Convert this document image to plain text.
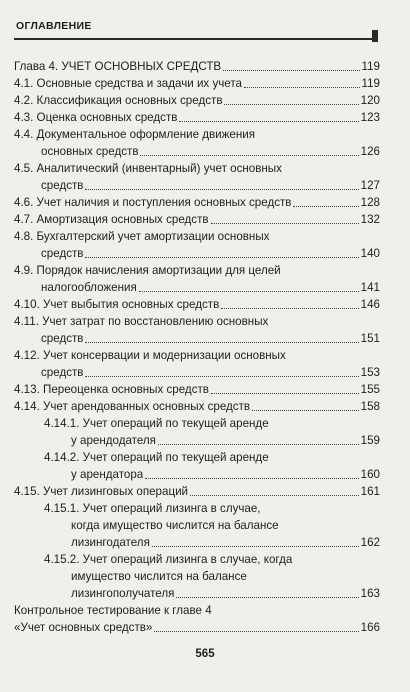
ОГЛАВЛЕНИЕ
Глава 4. УЧЕТ ОСНОВНЫХ СРЕДСТВ	119
4.1. Основные средства и задачи их учета	119
4.2. Классификация основных средств	120
4.3. Оценка основных средств	123
4.4. Документальное оформление движения
основных средств	126
4.5. Аналитический (инвентарный) учет основных
средств	127
4.6. Учет наличия и поступления основных средств	128
4.7. Амортизация основных средств	132
4.8. Бухгалтерский учет амортизации основных
средств	140
4.9. Порядок начисления амортизации для целей
налогообложения	141
4.10. Учет выбытия основных средств	146
4.11. Учет затрат по восстановлению основных
средств	151
4.12. Учет консервации и модернизации основных
средств	153
4.13. Переоценка основных средств	155
4.14. Учет арендованных основных средств	158
4.14.1. Учет операций по текущей аренде
у арендодателя	159
4.14.2. Учет операций по текущей аренде
у арендатора	160
4.15. Учет лизинговых операций	161
4.15.1. Учет операций лизинга в случае,
когда имущество числится на балансе
лизингодателя	162
4.15.2. Учет операций лизинга в случае, когда
имущество числится на балансе
лизингополучателя	163
Контрольное тестирование к главе 4
«Учет основных средств»	166
565
